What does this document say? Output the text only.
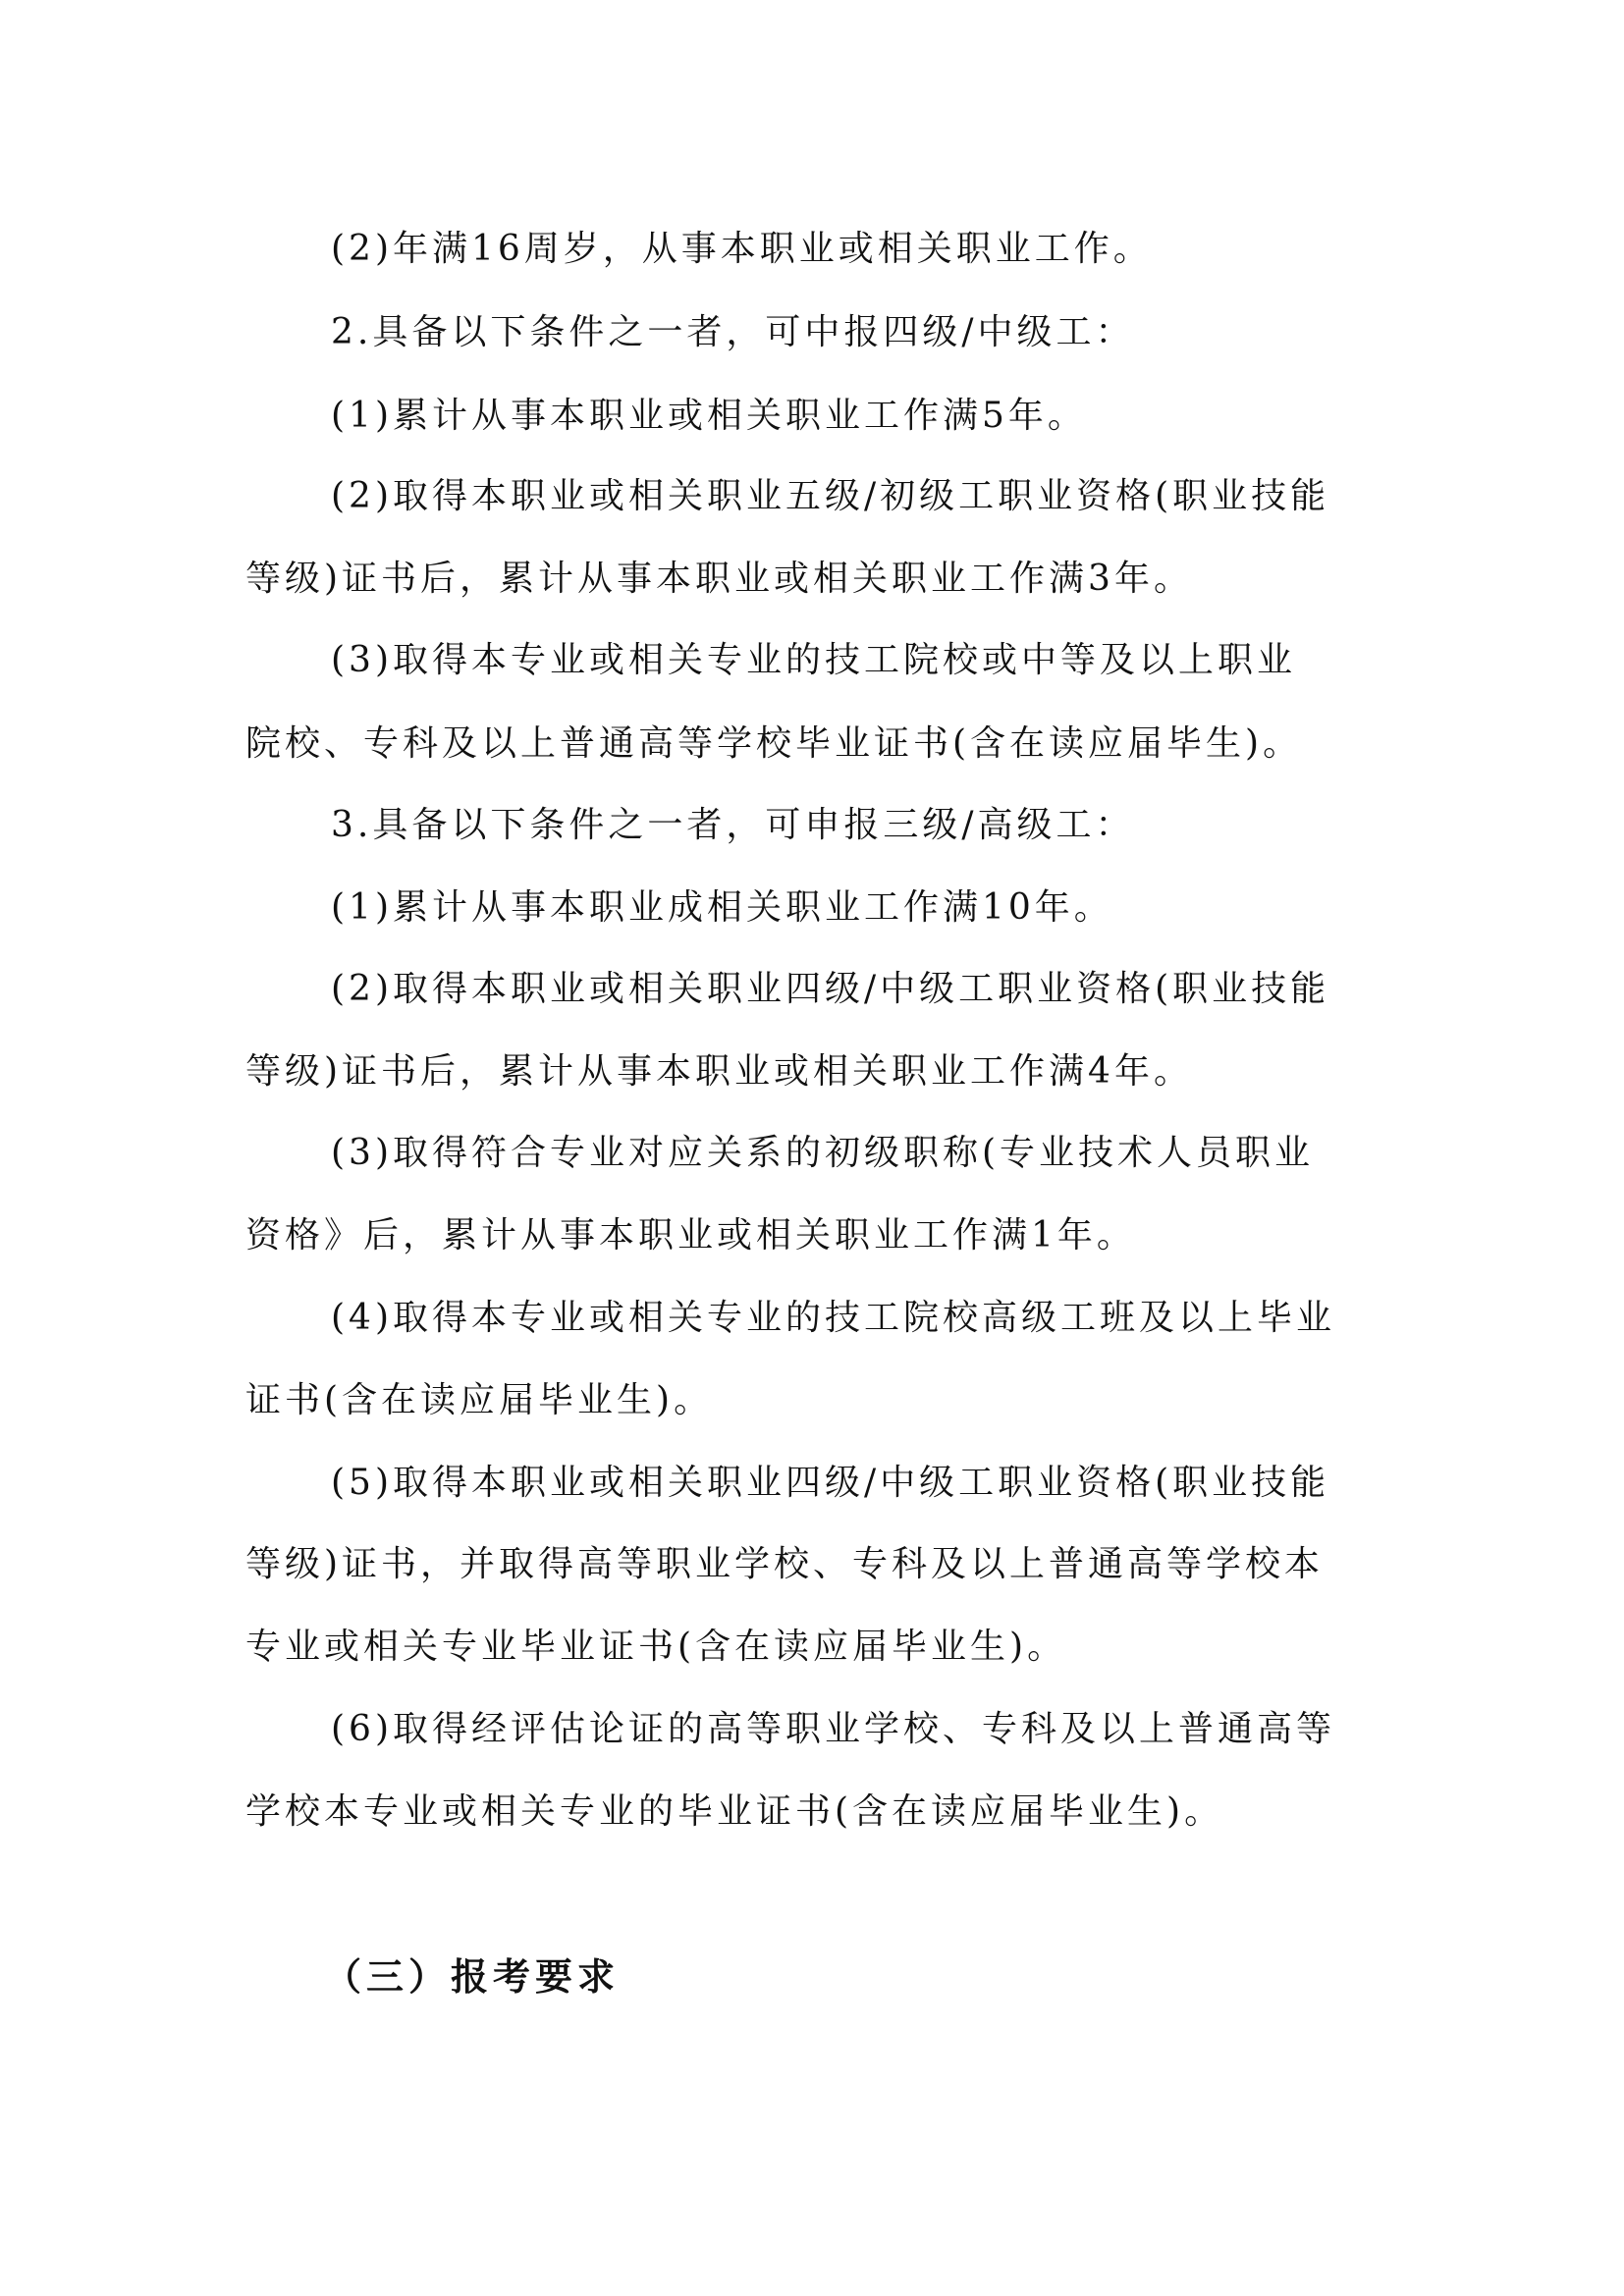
(2)年满16周岁，从事本职业或相关职业工作。
2.具备以下条件之一者，可中报四级/中级工：
(1)累计从事本职业或相关职业工作满5年。
(2)取得本职业或相关职业五级/初级工职业资格(职业技能
等级)证书后，累计从事本职业或相关职业工作满3年。
(3)取得本专业或相关专业的技工院校或中等及以上职业
院校、专科及以上普通高等学校毕业证书(含在读应届毕生)。
3.具备以下条件之一者，可申报三级/高级工：
(1)累计从事本职业成相关职业工作满10年。
(2)取得本职业或相关职业四级/中级工职业资格(职业技能
等级)证书后，累计从事本职业或相关职业工作满4年。
(3)取得符合专业对应关系的初级职称(专业技术人员职业
资格》后，累计从事本职业或相关职业工作满1年。
(4)取得本专业或相关专业的技工院校高级工班及以上毕业
证书(含在读应届毕业生)。
(5)取得本职业或相关职业四级/中级工职业资格(职业技能
等级)证书，并取得高等职业学校、专科及以上普通高等学校本
专业或相关专业毕业证书(含在读应届毕业生)。
(6)取得经评估论证的高等职业学校、专科及以上普通高等
学校本专业或相关专业的毕业证书(含在读应届毕业生)。
（三）报考要求
